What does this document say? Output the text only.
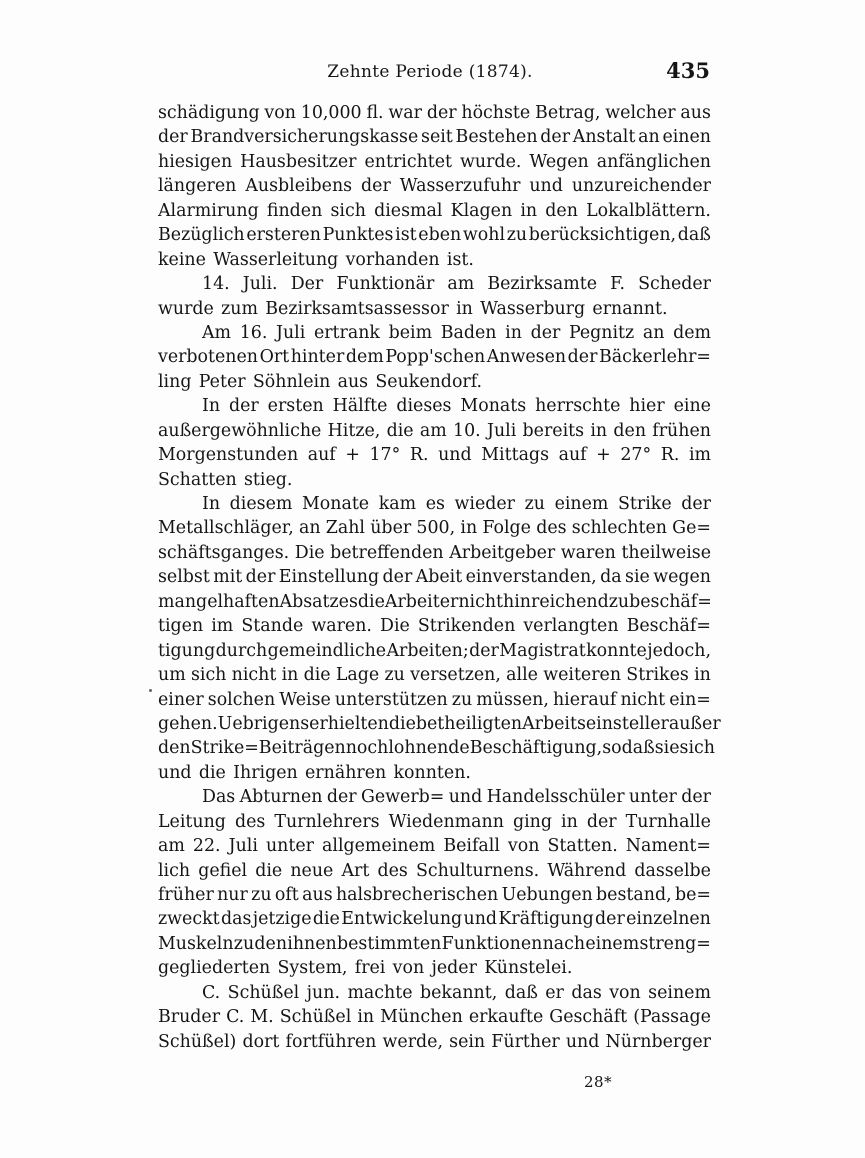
Zehnte Periode (1874).	435
schädigung von 10,000 fl. war der höchste Betrag, welcher aus
der Brandversicherungskasse seit Bestehen der Anstalt an einen
hiesigen Hausbesitzer entrichtet wurde. Wegen anfänglichen
längeren Ausbleibens der Wasserzufuhr und unzureichender
Alarmirung finden sich diesmal Klagen in den Lokalblättern.
Bezüglich ersteren Punktes ist eben wohl zu berücksichtigen, daß
keine Wasserleitung vorhanden ist.
14. Juli. Der Funktionär am Bezirksamte F. Scheder
wurde zum Bezirksamtsassessor in Wasserburg ernannt.
Am 16. Juli ertrank beim Baden in der Pegnitz an dem
verbotenen Ort hinter dem Popp'schen Anwesen der Bäckerlehr=
ling Peter Söhnlein aus Seukendorf.
In der ersten Hälfte dieses Monats herrschte hier eine
außergewöhnliche Hitze, die am 10. Juli bereits in den frühen
Morgenstunden auf + 17° R. und Mittags auf + 27° R. im
Schatten stieg.
In diesem Monate kam es wieder zu einem Strike der
Metallschläger, an Zahl über 500, in Folge des schlechten Ge=
schäftsganges. Die betreffenden Arbeitgeber waren theilweise
selbst mit der Einstellung der Abeit einverstanden, da sie wegen
mangelhaften Absatzes die Arbeiter nicht hinreichend zu beschäf=
tigen im Stande waren. Die Strikenden verlangten Beschäf=
tigung durch gemeindliche Arbeiten; der Magistrat konnte jedoch,
um sich nicht in die Lage zu versetzen, alle weiteren Strikes in
einer solchen Weise unterstützen zu müssen, hierauf nicht ein=
gehen. Uebrigens erhielten die betheiligten Arbeitseinsteller außer
den Strike=Beiträgen noch lohnende Beschäftigung, so daß sie sich
und die Ihrigen ernähren konnten.
Das Abturnen der Gewerb= und Handelsschüler unter der
Leitung des Turnlehrers Wiedenmann ging in der Turnhalle
am 22. Juli unter allgemeinem Beifall von Statten. Nament=
lich gefiel die neue Art des Schulturnens. Während dasselbe
früher nur zu oft aus halsbrecherischen Uebungen bestand, be=
zweckt das jetzige die Entwickelung und Kräftigung der einzelnen
Muskeln zu den ihnen bestimmten Funktionen nach einem streng=
gegliederten System, frei von jeder Künstelei.
C. Schüßel jun. machte bekannt, daß er das von seinem
Bruder C. M. Schüßel in München erkaufte Geschäft (Passage
Schüßel) dort fortführen werde, sein Fürther und Nürnberger
28*
